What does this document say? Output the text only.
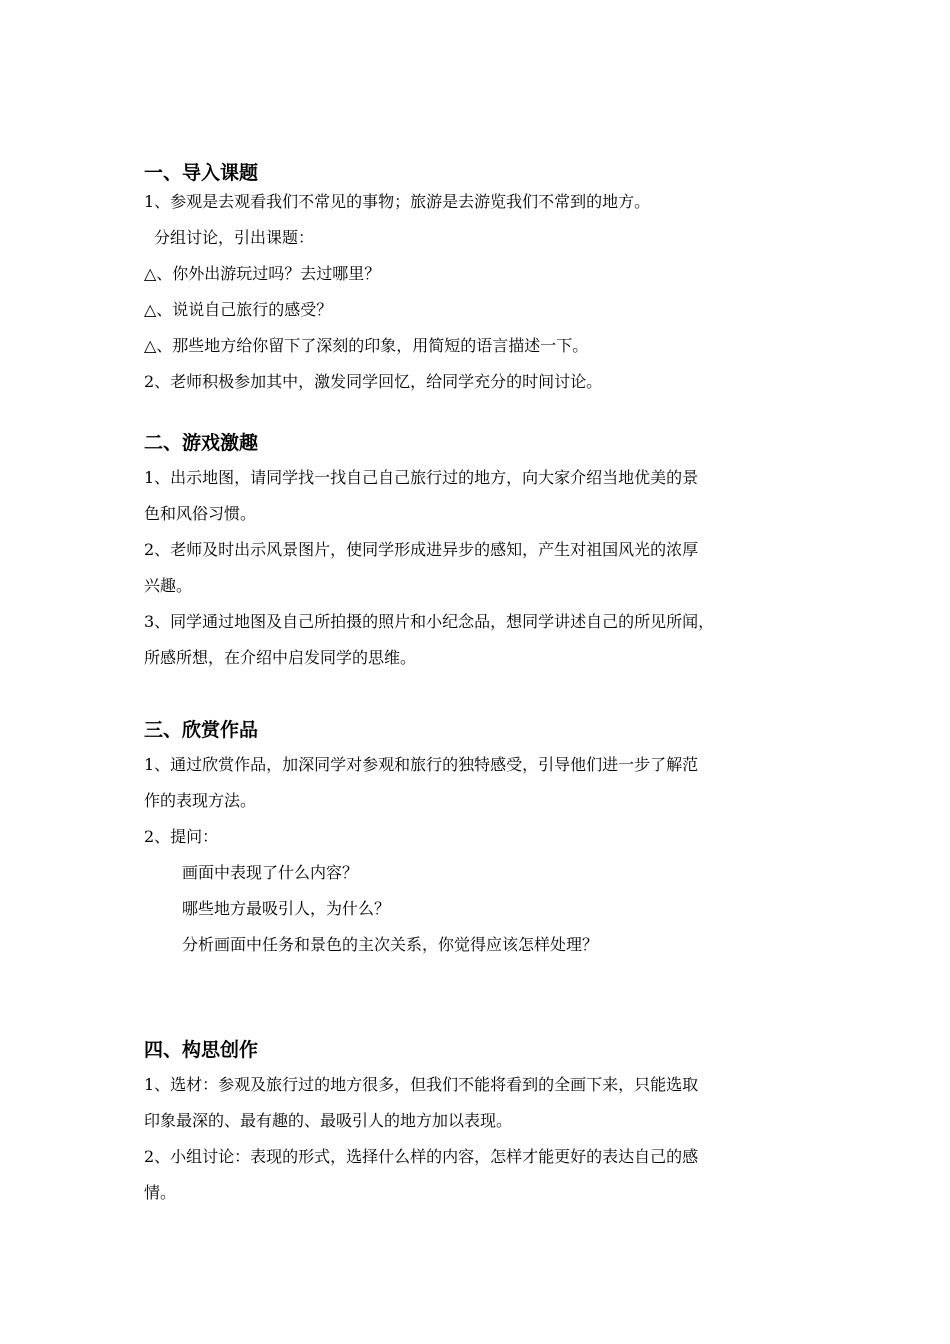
一、导入课题

1、参观是去观看我们不常见的事物；旅游是去游览我们不常到的地方。

分组讨论，引出课题：

△、你外出游玩过吗？去过哪里？

△、说说自己旅行的感受？

△、那些地方给你留下了深刻的印象，用简短的语言描述一下。

2、老师积极参加其中，激发同学回忆，给同学充分的时间讨论。

二、游戏激趣

1、出示地图，请同学找一找自己自己旅行过的地方，向大家介绍当地优美的景

色和风俗习惯。

2、老师及时出示风景图片，使同学形成进异步的感知，产生对祖国风光的浓厚

兴趣。

3、同学通过地图及自己所拍摄的照片和小纪念品，想同学讲述自己的所见所闻，

所感所想，在介绍中启发同学的思维。

三、欣赏作品

1、通过欣赏作品，加深同学对参观和旅行的独特感受，引导他们进一步了解范

作的表现方法。

2、提问：

画面中表现了什么内容？

哪些地方最吸引人，为什么？

分析画面中任务和景色的主次关系，你觉得应该怎样处理？

四、构思创作

1、选材：参观及旅行过的地方很多，但我们不能将看到的全画下来，只能选取

印象最深的、最有趣的、最吸引人的地方加以表现。

2、小组讨论：表现的形式，选择什么样的内容，怎样才能更好的表达自己的感

情。
